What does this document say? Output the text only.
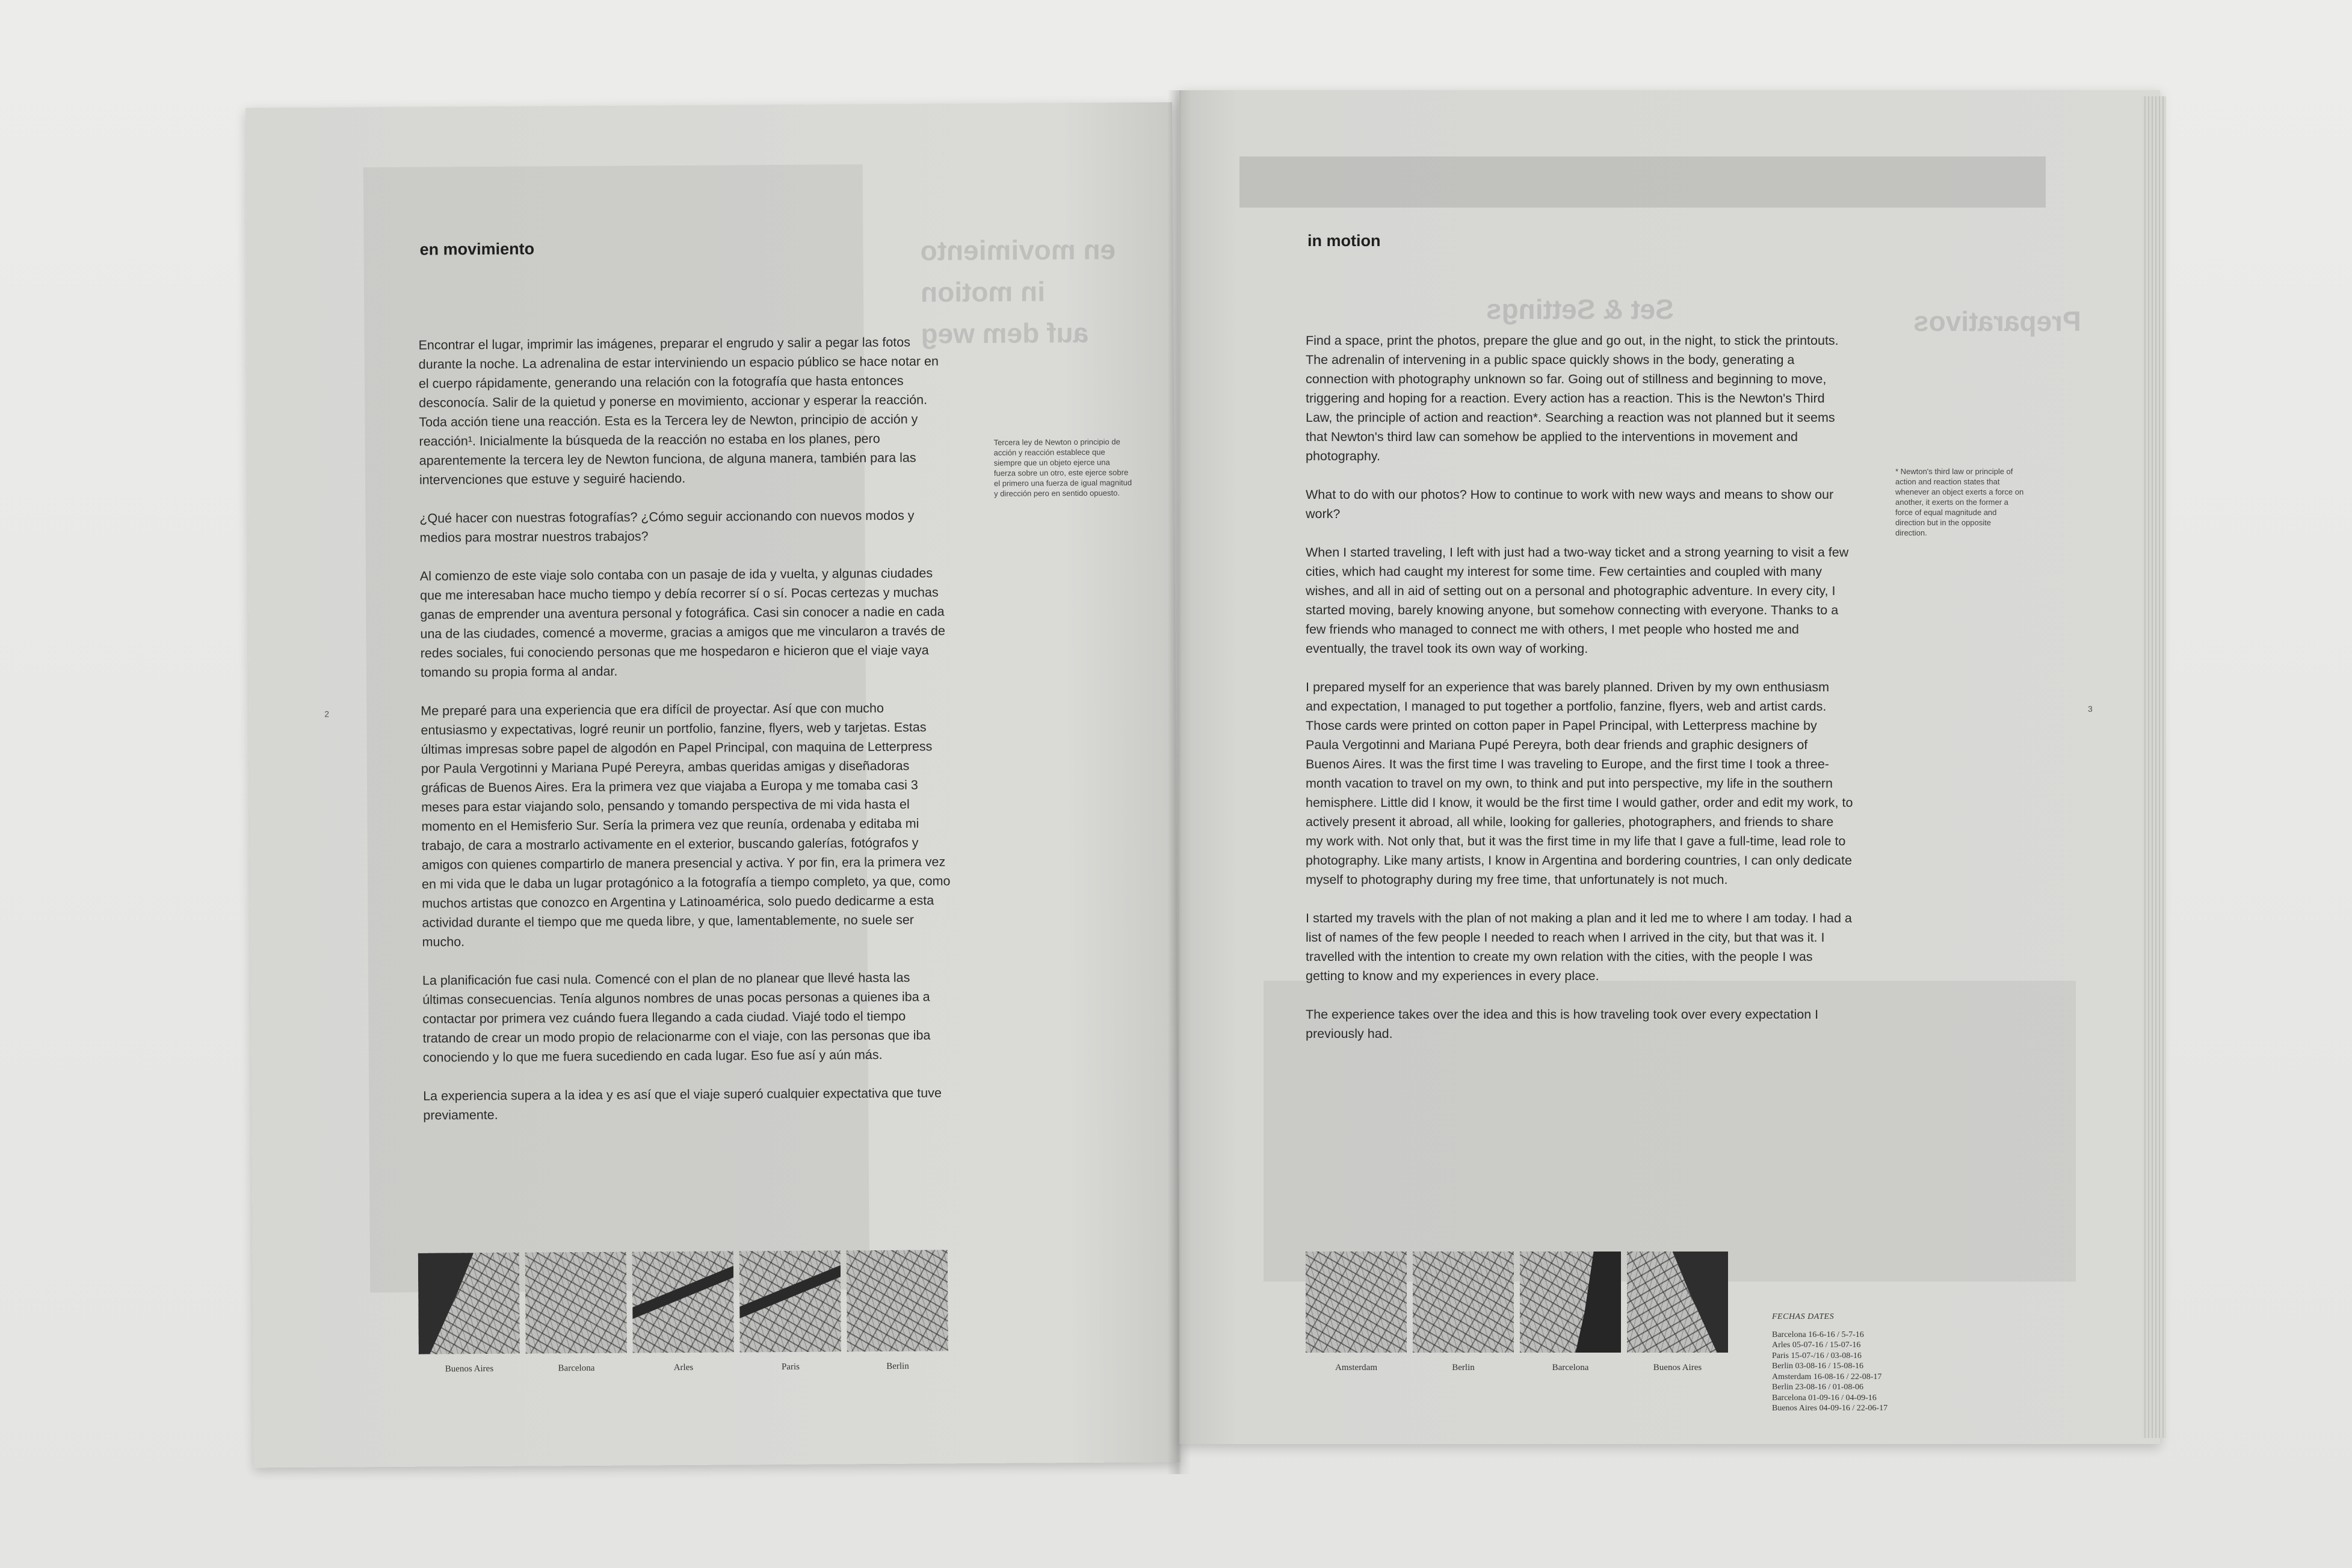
en movimiento
in motion
auf dem weg
en movimiento

Encontrar el lugar, imprimir las imágenes, preparar el engrudo y salir a pegar las fotos durante la noche. La adrenalina de estar interviniendo un espacio público se hace notar en el cuerpo rápidamente, generando una relación con la fotografía que hasta entonces desconocía. Salir de la quietud y ponerse en movimiento, accionar y esperar la reacción. Toda acción tiene una reacción. Esta es la Tercera ley de Newton, principio de acción y reacción¹. Inicialmente la búsqueda de la reacción no estaba en los planes, pero aparentemente la tercera ley de Newton funciona, de alguna manera, también para las intervenciones que estuve y seguiré haciendo.

¿Qué hacer con nuestras fotografías? ¿Cómo seguir accionando con nuevos modos y medios para mostrar nuestros trabajos?

Al comienzo de este viaje solo contaba con un pasaje de ida y vuelta, y algunas ciudades que me interesaban hace mucho tiempo y debía recorrer sí o sí. Pocas certezas y muchas ganas de emprender una aventura personal y fotográfica. Casi sin conocer a nadie en cada una de las ciudades, comencé a moverme, gracias a amigos que me vincularon a través de redes sociales, fui conociendo personas que me hospedaron e hicieron que el viaje vaya tomando su propia forma al andar.

Me preparé para una experiencia que era difícil de proyectar. Así que con mucho entusiasmo y expectativas, logré reunir un portfolio, fanzine, flyers, web y tarjetas. Estas últimas impresas sobre papel de algodón en Papel Principal, con maquina de Letterpress por Paula Vergotinni y Mariana Pupé Pereyra, ambas queridas amigas y diseñadoras gráficas de Buenos Aires. Era la primera vez que viajaba a Europa y me tomaba casi 3 meses para estar viajando solo, pensando y tomando perspectiva de mi vida hasta el momento en el Hemisferio Sur. Sería la primera vez que reunía, ordenaba y editaba mi trabajo, de cara a mostrarlo activamente en el exterior, buscando galerías, fotógrafos y amigos con quienes compartirlo de manera presencial y activa. Y por fin, era la primera vez en mi vida que le daba un lugar protagónico a la fotografía a tiempo completo, ya que, como muchos artistas que conozco en Argentina y Latinoamérica, solo puedo dedicarme a esta actividad durante el tiempo que me queda libre, y que, lamentablemente, no suele ser mucho.

La planificación fue casi nula. Comencé con el plan de no planear que llevé hasta las últimas consecuencias. Tenía algunos nombres de unas pocas personas a quienes iba a contactar por primera vez cuándo fuera llegando a cada ciudad. Viajé todo el tiempo tratando de crear un modo propio de relacionarme con el viaje, con las personas que iba conociendo y lo que me fuera sucediendo en cada lugar. Eso fue así y aún más.

La experiencia supera a la idea y es así que el viaje superó cualquier expectativa que tuve previamente.

Tercera ley de Newton o principio de acción y reacción establece que siempre que un objeto ejerce una fuerza sobre un otro, este ejerce sobre el primero una fuerza de igual magnitud y dirección pero en sentido opuesto.
2
Buenos Aires	Barcelona	Arles	Paris	Berlin
Set & Settings	Preparativos
in motion

Find a space, print the photos, prepare the glue and go out, in the night, to stick the printouts. The adrenalin of intervening in a public space quickly shows in the body, generating a connection with photography unknown so far. Going out of stillness and beginning to move, triggering and hoping for a reaction. Every action has a reaction. This is the Newton's Third Law, the principle of action and reaction*. Searching a reaction was not planned but it seems that Newton's third law can somehow be applied to the interventions in movement and photography.

What to do with our photos? How to continue to work with new ways and means to show our work?

When I started traveling, I left with just had a two-way ticket and a strong yearning to visit a few cities, which had caught my interest for some time. Few certainties and coupled with many wishes, and all in aid of setting out on a personal and photographic adventure. In every city, I started moving, barely knowing anyone, but somehow connecting with everyone. Thanks to a few friends who managed to connect me with others, I met people who hosted me and eventually, the travel took its own way of working.

I prepared myself for an experience that was barely planned. Driven by my own enthusiasm and expectation, I managed to put together a portfolio, fanzine, flyers, web and artist cards. Those cards were printed on cotton paper in Papel Principal, with Letterpress machine by Paula Vergotinni and Mariana Pupé Pereyra, both dear friends and graphic designers of Buenos Aires. It was the first time I was traveling to Europe, and the first time I took a three-month vacation to travel on my own, to think and put into perspective, my life in the southern hemisphere. Little did I know, it would be the first time I would gather, order and edit my work, to actively present it abroad, all while, looking for galleries, photographers, and friends to share my work with. Not only that, but it was the first time in my life that I gave a full-time, lead role to photography. Like many artists, I know in Argentina and bordering countries, I can only dedicate myself to photography during my free time, that unfortunately is not much.

I started my travels with the plan of not making a plan and it led me to where I am today. I had a list of names of the few people I needed to reach when I arrived in the city, but that was it. I travelled with the intention to create my own relation with the cities, with the people I was getting to know and my experiences in every place.

The experience takes over the idea and this is how traveling took over every expectation I previously had.

* Newton's third law or principle of action and reaction states that whenever an object exerts a force on another, it exerts on the former a force of equal magnitude and direction but in the opposite direction.
3
Amsterdam	Berlin	Barcelona	Buenos Aires
FECHAS DATES
Barcelona 16-6-16 / 5-7-16
Arles 05-07-16 / 15-07-16
Paris 15-07-/16 / 03-08-16
Berlin 03-08-16 / 15-08-16
Amsterdam 16-08-16 / 22-08-17
Berlin 23-08-16 / 01-08-06
Barcelona 01-09-16 / 04-09-16
Buenos Aires 04-09-16 / 22-06-17
